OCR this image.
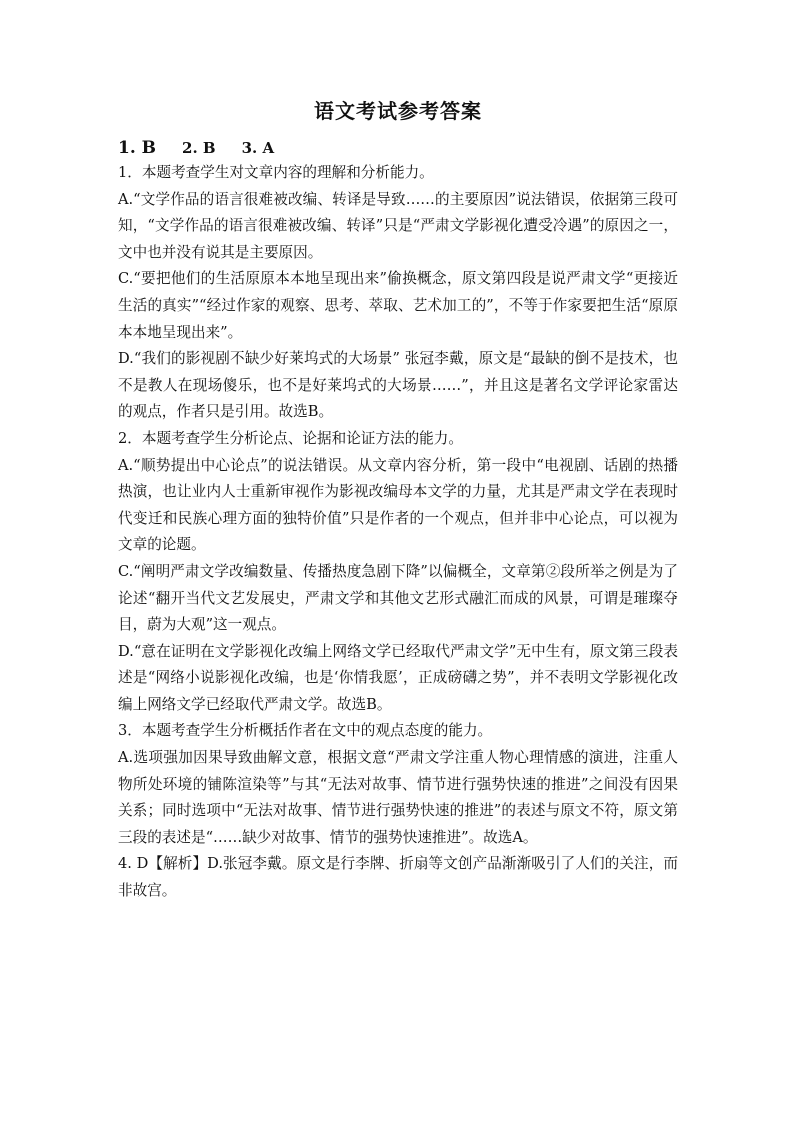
语文考试参考答案

1. B 2. B 3. A

1．本题考查学生对文章内容的理解和分析能力。

A.“文学作品的语言很难被改编、转译是导致……的主要原因”说法错误，依据第三段可知，“文学作品的语言很难被改编、转译”只是“严肃文学影视化遭受冷遇”的原因之一，文中也并没有说其是主要原因。

C.“要把他们的生活原原本本地呈现出来”偷换概念，原文第四段是说严肃文学“更接近生活的真实”“经过作家的观察、思考、萃取、艺术加工的”，不等于作家要把生活“原原本本地呈现出来”。

D.“我们的影视剧不缺少好莱坞式的大场景” 张冠李戴，原文是“最缺的倒不是技术，也不是教人在现场傻乐，也不是好莱坞式的大场景……”，并且这是著名文学评论家雷达的观点，作者只是引用。故选B。

2．本题考查学生分析论点、论据和论证方法的能力。

A.“顺势提出中心论点”的说法错误。从文章内容分析，第一段中“电视剧、话剧的热播热演，也让业内人士重新审视作为影视改编母本文学的力量，尤其是严肃文学在表现时代变迁和民族心理方面的独特价值”只是作者的一个观点，但并非中心论点，可以视为文章的论题。

C.“阐明严肃文学改编数量、传播热度急剧下降”以偏概全，文章第②段所举之例是为了论述“翻开当代文艺发展史，严肃文学和其他文艺形式融汇而成的风景，可谓是璀璨夺目，蔚为大观”这一观点。

D.“意在证明在文学影视化改编上网络文学已经取代严肃文学”无中生有，原文第三段表述是“网络小说影视化改编，也是‘你情我愿’，正成磅礴之势”，并不表明文学影视化改编上网络文学已经取代严肃文学。故选B。

3．本题考查学生分析概括作者在文中的观点态度的能力。

A.选项强加因果导致曲解文意，根据文意“严肃文学注重人物心理情感的演进，注重人物所处环境的铺陈渲染等”与其“无法对故事、情节进行强势快速的推进”之间没有因果关系；同时选项中“无法对故事、情节进行强势快速的推进”的表述与原文不符，原文第三段的表述是“……缺少对故事、情节的强势快速推进”。故选A。

4. D【解析】D.张冠李戴。原文是行李牌、折扇等文创产品渐渐吸引了人们的关注，而非故宫。
